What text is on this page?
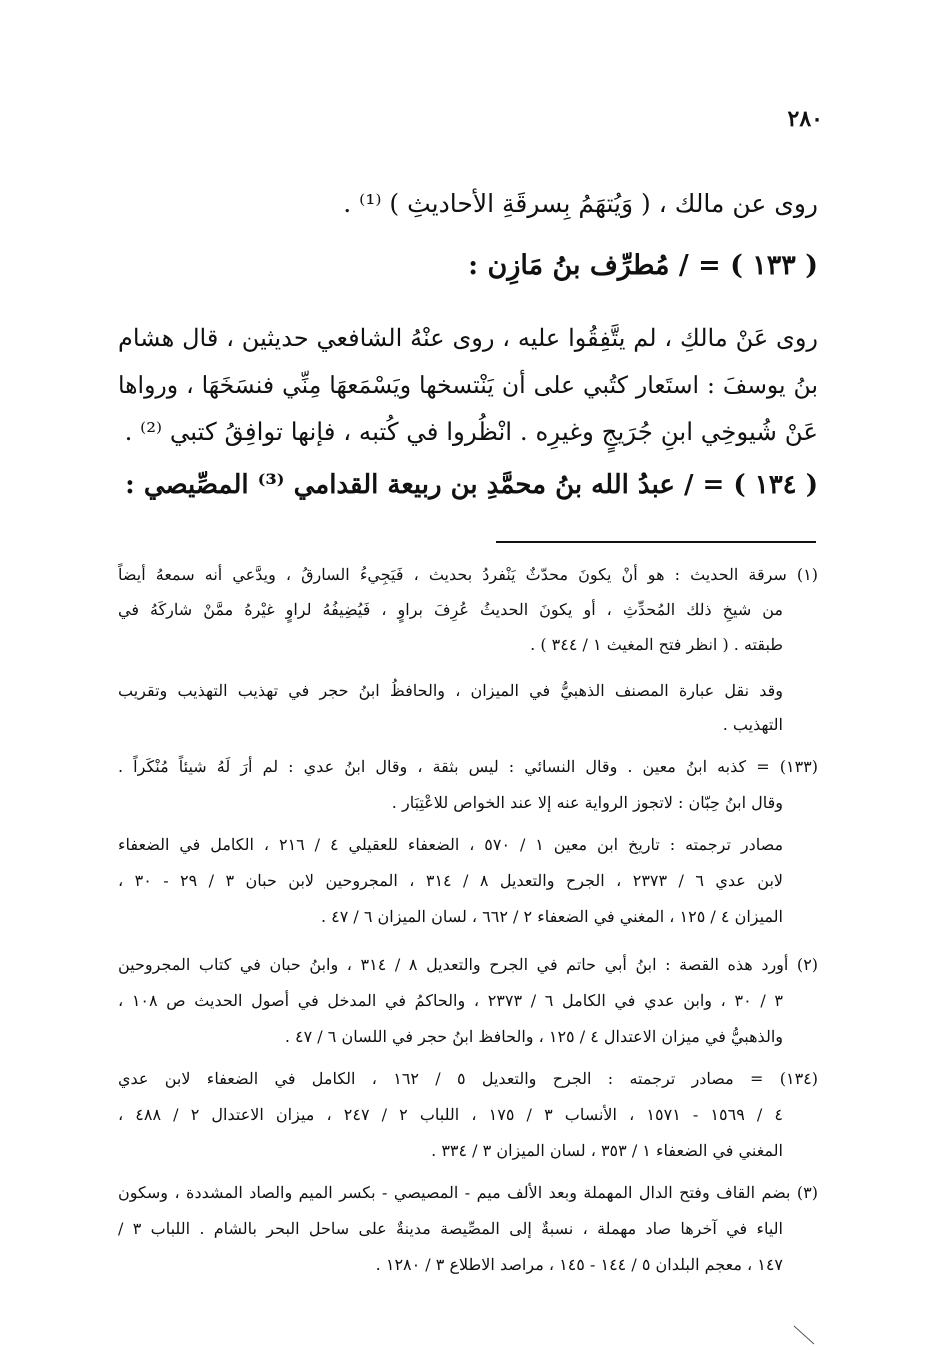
٢٨٠
روى عن مالك ، ( وَيُتهَمُ بِسرقَةِ الأحاديثِ ) ⁽¹⁾ .
( ١٣٣ ) = / مُطرِّف بنُ مَازِن :
روى عَنْ مالكِ ، لم يتَّفِقُوا عليه ، روى عنْهُ الشافعي حديثين ، قال هشام
بنُ يوسفَ : استَعار كتُبي على أن يَنْتسخها ويَسْمَعهَا مِنِّي فنسَخَهَا ، ورواها
عَنْ شُيوخِي ابنِ جُرَيجٍ وغيرِه . انْظُروا في كُتبه ، فإنها توافِقُ كتبي ⁽²⁾ .
( ١٣٤ ) = / عبدُ الله بنُ محمَّدِ بن ربيعة القدامي ⁽³⁾ المصِّيصي :
(١) سرقة الحديث : هو أنْ يكونَ محدّثٌ يَنْفردُ بحديث ، فَيَجِيءُ السارقُ ، ويدَّعي أنه سمعهُ أيضاً
من شيخِ ذلك المُحدِّثِ ، أو يكونَ الحديثُ عُرِفَ براوٍ ، فَيُضِيفُهُ لراوٍ غيْرهُ ممَّنْ شاركَهُ في
طبقته . ( انظر فتح المغيث ١ / ٣٤٤ ) .
وقد نقل عبارة المصنف الذهبيُّ في الميزان ، والحافظُ ابنُ حجر في تهذيب التهذيب وتقريب
التهذيب .
(١٣٣) = كذبه ابنُ معين . وقال النسائي : ليس بثقة ، وقال ابنُ عدي : لم أرَ لَهُ شيئاً مُنْكَراً .
وقال ابنُ حِبّان : لاتجوز الرواية عنه إلا عند الخواص للاعْتِبَار .
مصادر ترجمته : تاريخ ابن معين ١ / ٥٧٠ ، الضعفاء للعقيلي ٤ / ٢١٦ ، الكامل في الضعفاء
لابن عدي ٦ / ٢٣٧٣ ، الجرح والتعديل ٨ / ٣١٤ ، المجروحين لابن حبان ٣ / ٢٩ - ٣٠ ،
الميزان ٤ / ١٢٥ ، المغني في الضعفاء ٢ / ٦٦٢ ، لسان الميزان ٦ / ٤٧ .
(٢) أورد هذه القصة : ابنُ أبي حاتم في الجرح والتعديل ٨ / ٣١٤ ، وابنُ حبان في كتاب المجروحين
٣ / ٣٠ ، وابن عدي في الكامل ٦ / ٢٣٧٣ ، والحاكمُ في المدخل في أصول الحديث ص ١٠٨ ،
والذهبيُّ في ميزان الاعتدال ٤ / ١٢٥ ، والحافظ ابنُ حجر في اللسان ٦ / ٤٧ .
(١٣٤) = مصادر ترجمته : الجرح والتعديل ٥ / ١٦٢ ، الكامل في الضعفاء لابن عدي
٤ / ١٥٦٩ - ١٥٧١ ، الأنساب ٣ / ١٧٥ ، اللباب ٢ / ٢٤٧ ، ميزان الاعتدال ٢ / ٤٨٨ ،
المغني في الضعفاء ١ / ٣٥٣ ، لسان الميزان ٣ / ٣٣٤ .
(٣) بضم القاف وفتح الدال المهملة وبعد الألف ميم - المصيصي - بكسر الميم والصاد المشددة ، وسكون
الياء في آخرها صاد مهملة ، نسبةٌ إلى المصِّيصة مدينةٌ على ساحل البحر بالشام . اللباب ٣ /
١٤٧ ، معجم البلدان ٥ / ١٤٤ - ١٤٥ ، مراصد الاطلاع ٣ / ١٢٨٠ .
